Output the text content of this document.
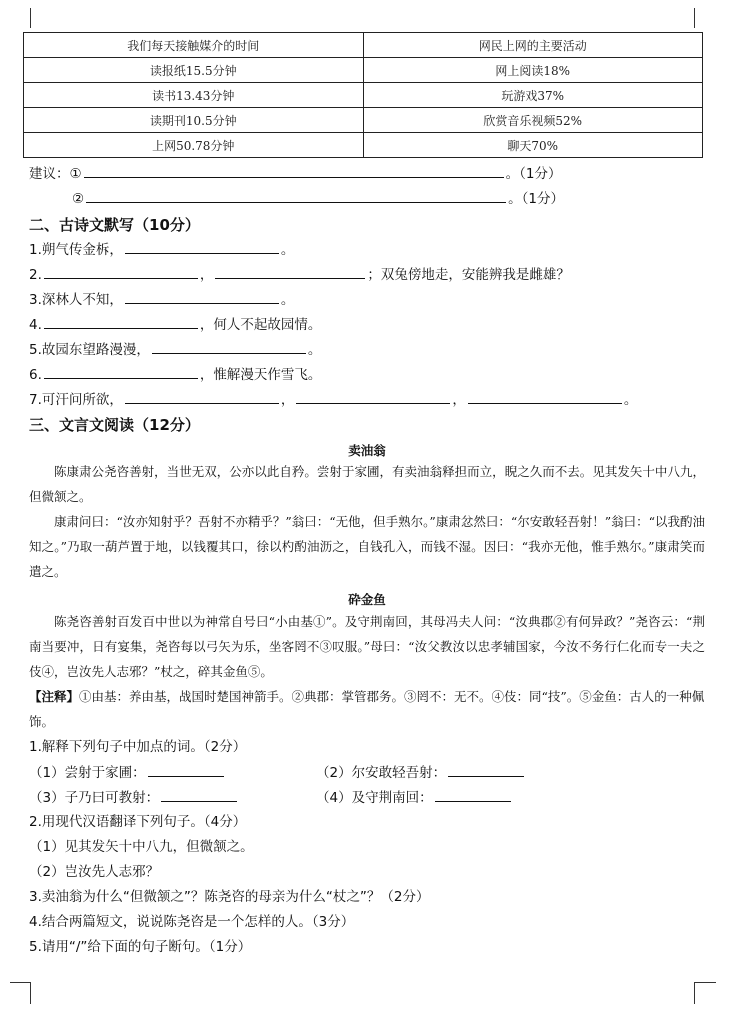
我们每天接触媒介的时间	网民上网的主要活动
读报纸15.5分钟	网上阅读18%
读书13.43分钟	玩游戏37%
读期刊10.5分钟	欣赏音乐视频52%
上网50.78分钟	聊天70%
建议：①	。（1分）
②	。（1分）
二、古诗文默写（10分）
1.朔气传金柝，	。
2.	，	；双兔傍地走，安能辨我是雌雄？
3.深林人不知，	。
4.	，何人不起故园情。
5.故园东望路漫漫，	。
6.	，惟解漫天作雪飞。
7.可汗问所欲，	，	，	。
三、文言文阅读（12分）
卖油翁

陈康肃公尧咨善射，当世无双，公亦以此自矜。尝射于家圃，有卖油翁释担而立，睨之久而不去。见其发矢十中八九，但微颔之。

康肃问曰：“汝亦知射乎？吾射不亦精乎？”翁曰：“无他，但手熟尔。”康肃忿然曰：“尔安敢轻吾射！”翁曰：“以我酌油知之。”乃取一葫芦置于地，以钱覆其口，徐以杓酌油沥之，自钱孔入，而钱不湿。因曰：“我亦无他，惟手熟尔。”康肃笑而遣之。

砕金鱼

陈尧咨善射百发百中世以为神常自号曰“小由基①”。及守荆南回，其母冯夫人问：“汝典郡②有何异政？”尧咨云：“荆南当要冲，日有宴集，尧咨每以弓矢为乐，坐客罔不③叹服。”母曰：“汝父教汝以忠孝辅国家，今汝不务行仁化而专一夫之伎④，岂汝先人志邪？”杖之，碎其金鱼⑤。

【注释】①由基：养由基，战国时楚国神箭手。②典郡：掌管郡务。③罔不：无不。④伎：同“技”。⑤金鱼：古人的一种佩饰。
1.解释下列句子中加点的词。（2分）
（1）尝射于家圃：	（2）尔安敢轻吾射：
（3）子乃曰可教射：	（4）及守荆南回：
2.用现代汉语翻译下列句子。（4分）
（1）见其发矢十中八九，但微颔之。
（2）岂汝先人志邪？
3.卖油翁为什么“但微颔之”？陈尧咨的母亲为什么“杖之”？（2分）
4.结合两篇短文，说说陈尧咨是一个怎样的人。（3分）
5.请用“/”给下面的句子断句。（1分）
